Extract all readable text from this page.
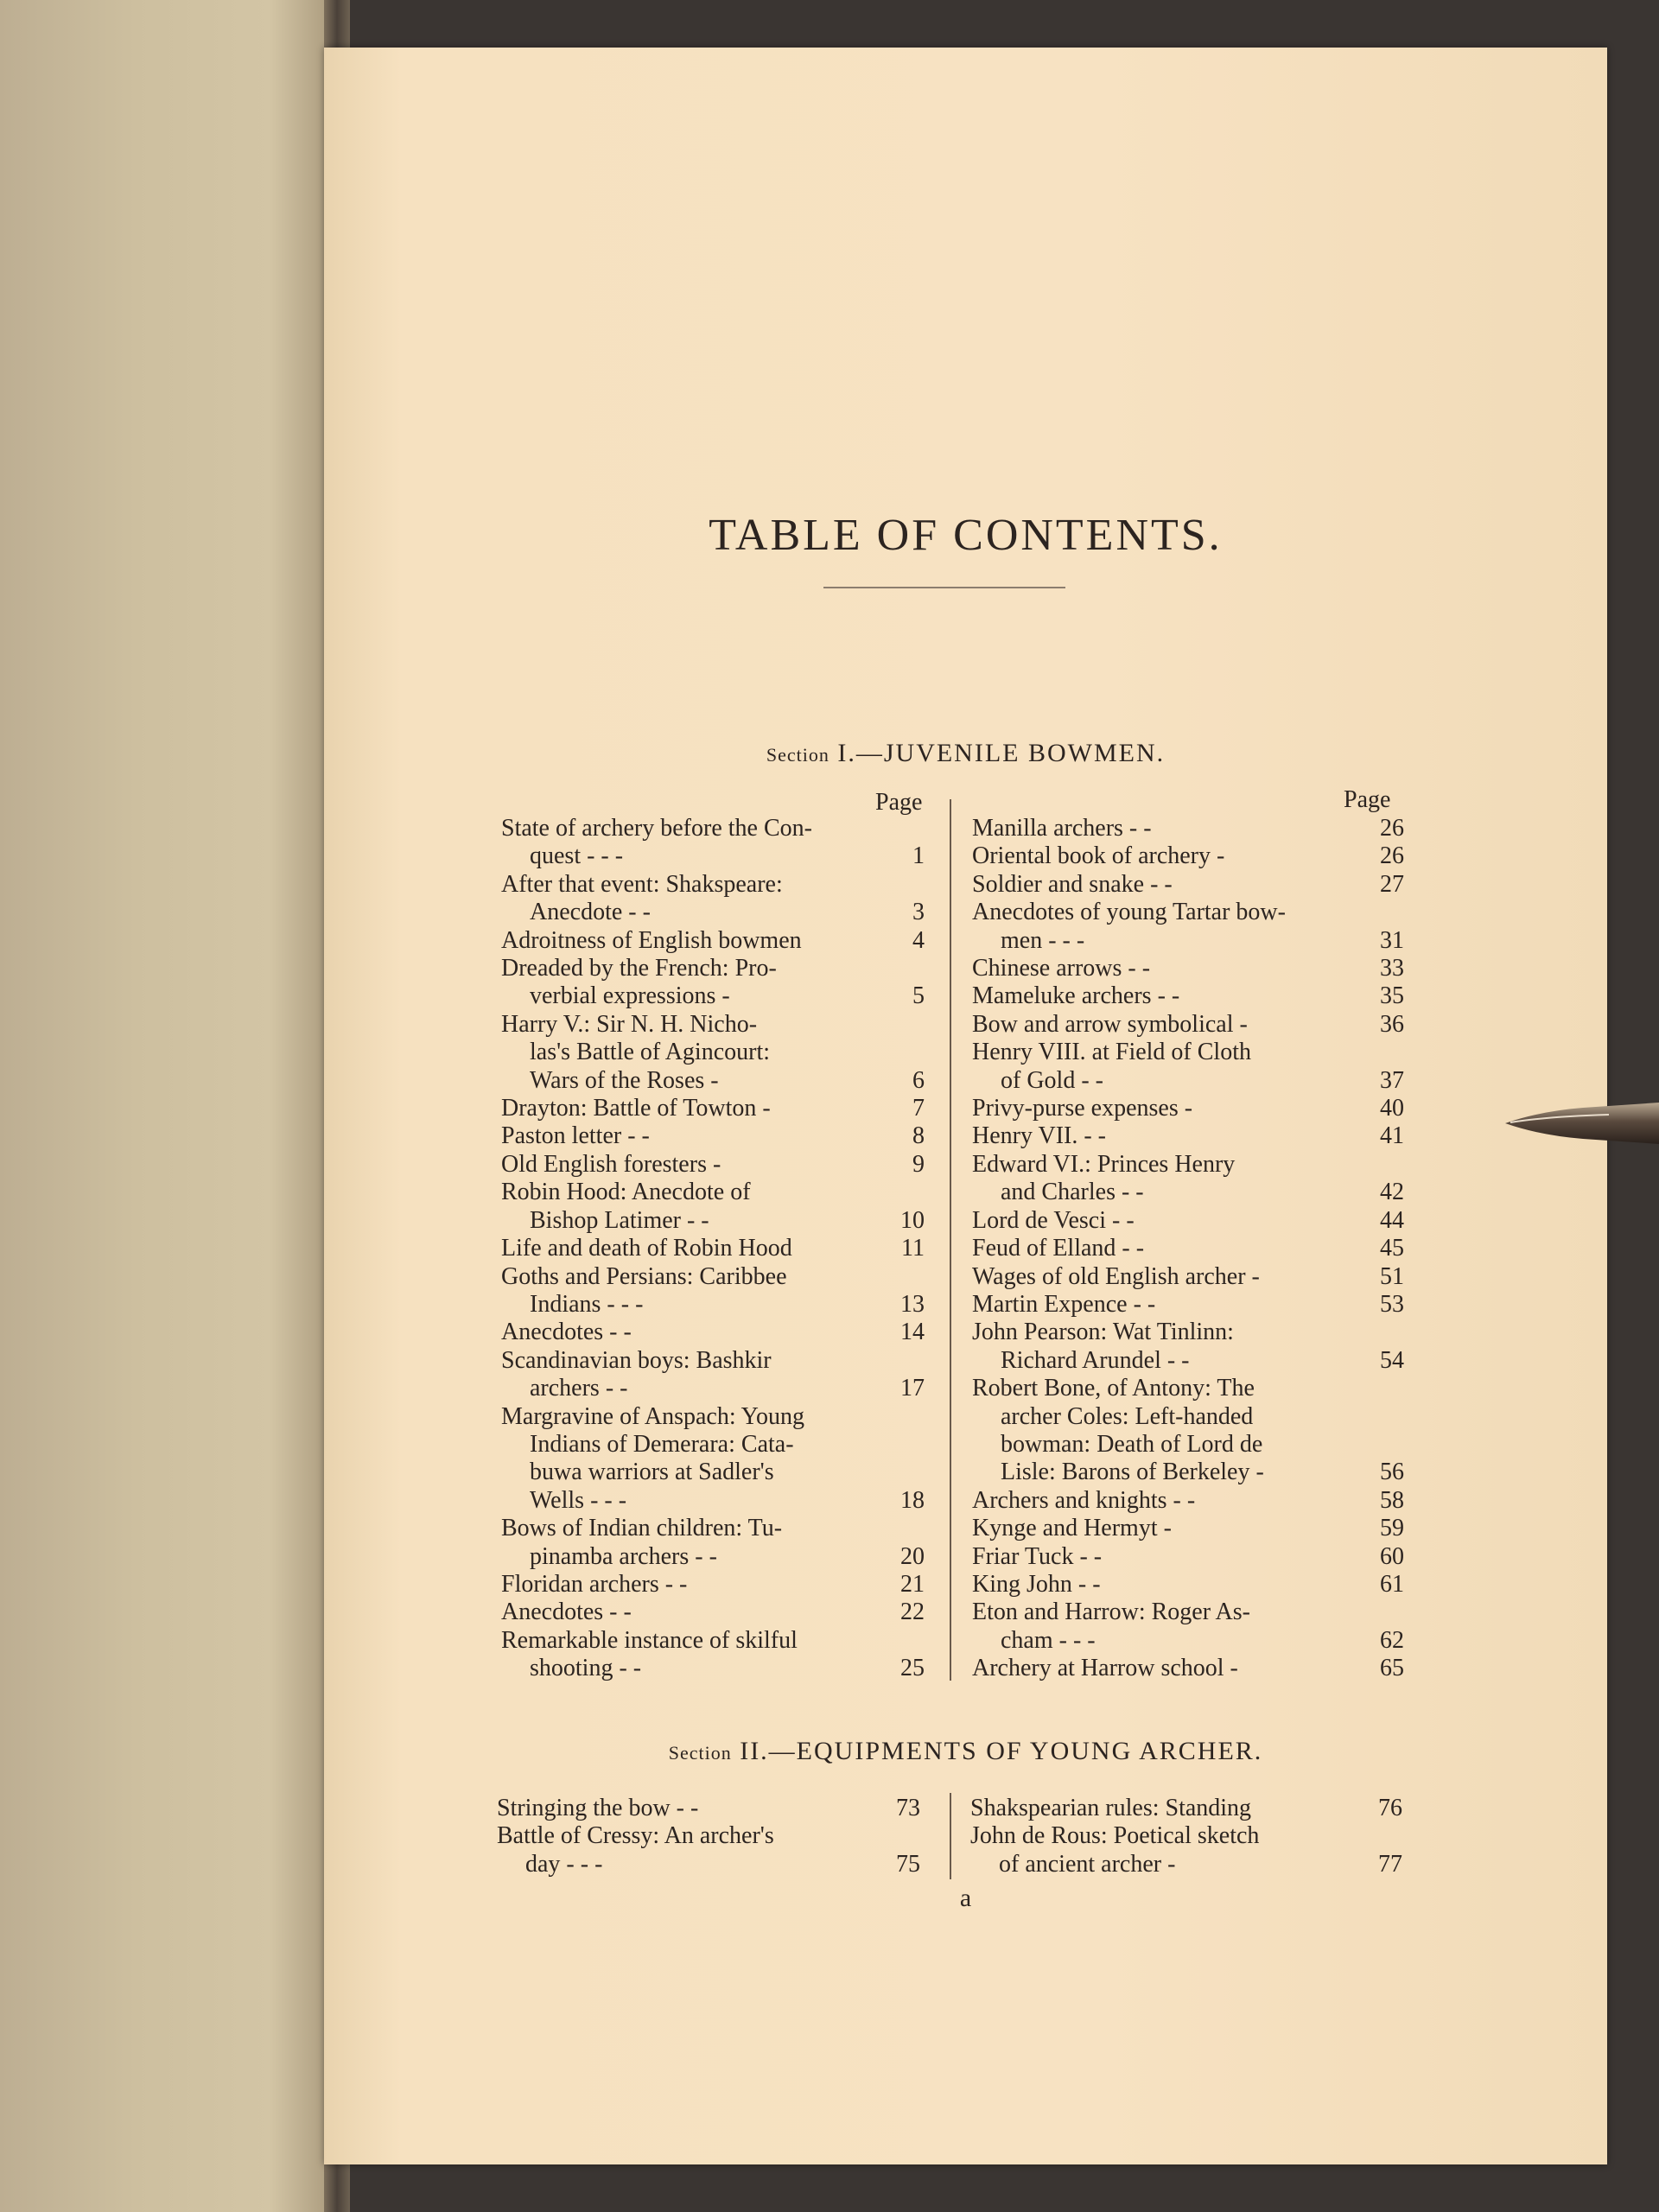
TABLE OF CONTENTS.
Section I.—JUVENILE BOWMEN.
Page	Page
State of archery before the Con-
quest - - -	1
After that event: Shakspeare:
Anecdote - -	3
Adroitness of English bowmen	4
Dreaded by the French: Pro-
verbial expressions -	5
Harry V.: Sir N. H. Nicho-
las's Battle of Agincourt:
Wars of the Roses -	6
Drayton: Battle of Towton -	7
Paston letter - -	8
Old English foresters -	9
Robin Hood: Anecdote of
Bishop Latimer - -	10
Life and death of Robin Hood	11
Goths and Persians: Caribbee
Indians - - -	13
Anecdotes - -	14
Scandinavian boys: Bashkir
archers - -	17
Margravine of Anspach: Young
Indians of Demerara: Cata-
buwa warriors at Sadler's
Wells - - -	18
Bows of Indian children: Tu-
pinamba archers - -	20
Floridan archers - -	21
Anecdotes - -	22
Remarkable instance of skilful
shooting - -	25
Manilla archers - -	26
Oriental book of archery -	26
Soldier and snake - -	27
Anecdotes of young Tartar bow-
men - - -	31
Chinese arrows - -	33
Mameluke archers - -	35
Bow and arrow symbolical -	36
Henry VIII. at Field of Cloth
of Gold - -	37
Privy-purse expenses -	40
Henry VII. - -	41
Edward VI.: Princes Henry
and Charles - -	42
Lord de Vesci - -	44
Feud of Elland - -	45
Wages of old English archer -	51
Martin Expence - -	53
John Pearson: Wat Tinlinn:
Richard Arundel - -	54
Robert Bone, of Antony: The
archer Coles: Left-handed
bowman: Death of Lord de
Lisle: Barons of Berkeley -	56
Archers and knights - -	58
Kynge and Hermyt -	59
Friar Tuck - -	60
King John - -	61
Eton and Harrow: Roger As-
cham - - -	62
Archery at Harrow school -	65
Section II.—EQUIPMENTS OF YOUNG ARCHER.
Stringing the bow - -	73
Battle of Cressy: An archer's
day - - -	75
Shakspearian rules: Standing	76
John de Rous: Poetical sketch
of ancient archer -	77
a
